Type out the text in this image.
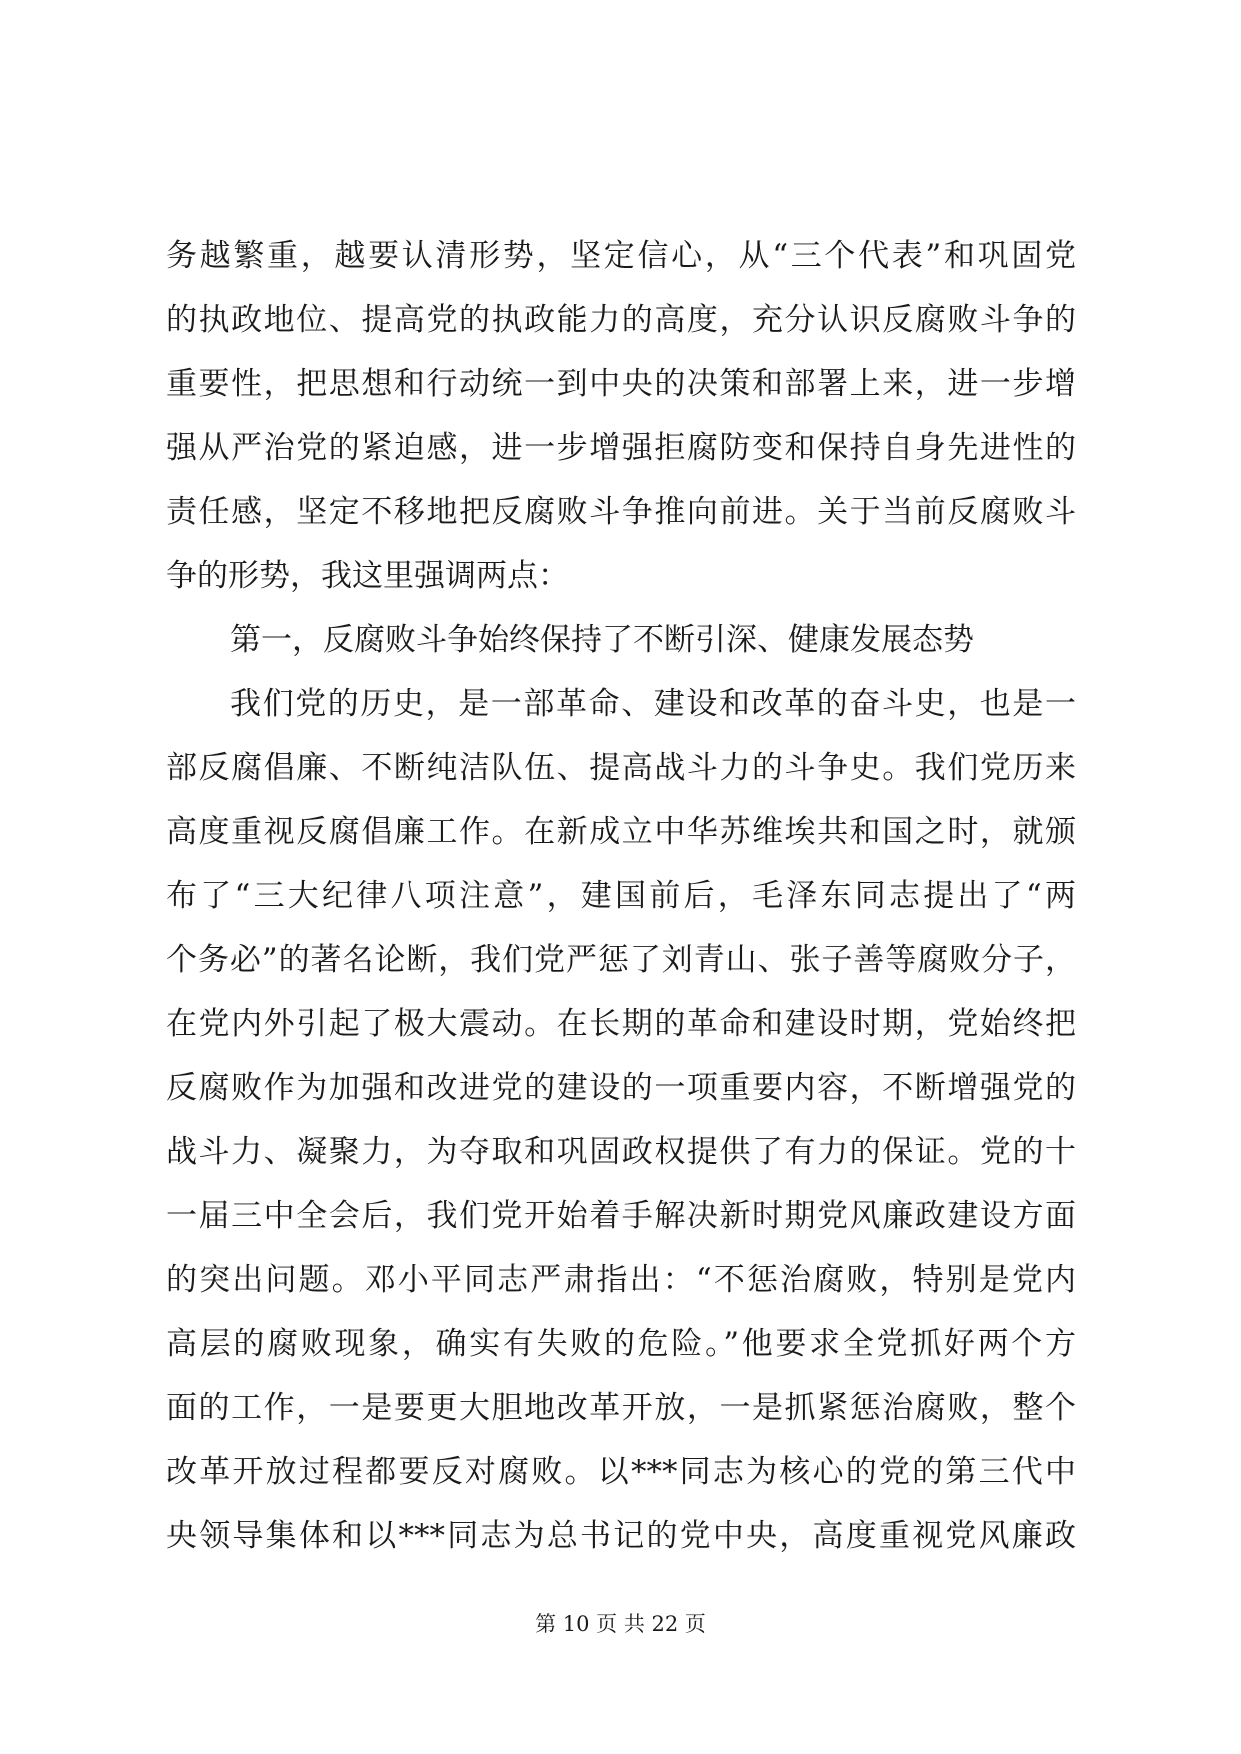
务越繁重，越要认清形势，坚定信心，从“三个代表”和巩固党
的执政地位、提高党的执政能力的高度，充分认识反腐败斗争的
重要性，把思想和行动统一到中央的决策和部署上来，进一步增
强从严治党的紧迫感，进一步增强拒腐防变和保持自身先进性的
责任感，坚定不移地把反腐败斗争推向前进。关于当前反腐败斗
争的形势，我这里强调两点：
第一，反腐败斗争始终保持了不断引深、健康发展态势
我们党的历史，是一部革命、建设和改革的奋斗史，也是一
部反腐倡廉、不断纯洁队伍、提高战斗力的斗争史。我们党历来
高度重视反腐倡廉工作。在新成立中华苏维埃共和国之时，就颁
布了“三大纪律八项注意”，建国前后，毛泽东同志提出了“两
个务必”的著名论断，我们党严惩了刘青山、张子善等腐败分子，
在党内外引起了极大震动。在长期的革命和建设时期，党始终把
反腐败作为加强和改进党的建设的一项重要内容，不断增强党的
战斗力、凝聚力，为夺取和巩固政权提供了有力的保证。党的十
一届三中全会后，我们党开始着手解决新时期党风廉政建设方面
的突出问题。邓小平同志严肃指出：“不惩治腐败，特别是党内
高层的腐败现象，确实有失败的危险。”他要求全党抓好两个方
面的工作，一是要更大胆地改革开放，一是抓紧惩治腐败，整个
改革开放过程都要反对腐败。以***同志为核心的党的第三代中
央领导集体和以***同志为总书记的党中央，高度重视党风廉政
第 10 页 共 22 页
